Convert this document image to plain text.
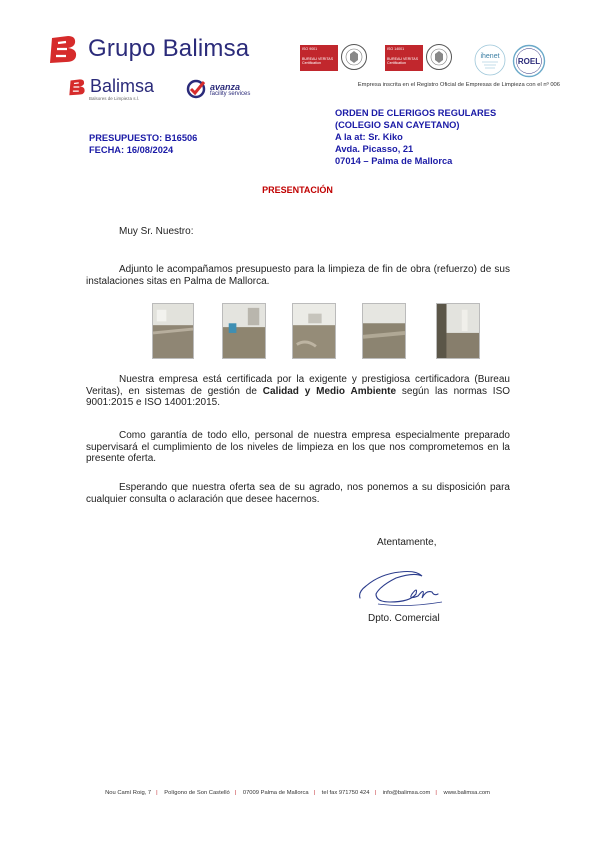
Grupo Balimsa
Balimsa
Balsores de Limpieza s.l.
avanza
facility services
ISO 9001
BUREAU VERITAS
Certification
ISO 14001
BUREAU VERITAS
Certification
ihenet
ROEL
Empresa inscrita en el Registro Oficial de Empresas de Limpieza con el nº 006
ORDEN DE CLERIGOS REGULARES
(COLEGIO SAN CAYETANO)
A la at: Sr. Kiko
Avda. Picasso, 21
07014 – Palma de Mallorca
PRESUPUESTO: B16506
FECHA: 16/08/2024
PRESENTACIÓN
Muy Sr. Nuestro:
Adjunto le acompañamos presupuesto para la limpieza de fin de obra (refuerzo) de sus instalaciones sitas en Palma de Mallorca.
Nuestra empresa está certificada por la exigente y prestigiosa certificadora (Bureau Veritas), en sistemas de gestión de Calidad y Medio Ambiente según las normas ISO 9001:2015 e ISO 14001:2015.
Como garantía de todo ello, personal de nuestra empresa especialmente preparado supervisará el cumplimiento de los niveles de limpieza en los que nos comprometemos en la presente oferta.
Esperando que nuestra oferta sea de su agrado, nos ponemos a su disposición para cualquier consulta o aclaración que desee hacernos.
Atentamente,
Dpto. Comercial
Nou Camí Roig, 7 | Polígono de Son Castelló | 07009 Palma de Mallorca | tel fax 971750 424 | info@balimsa.com | www.balimsa.com
